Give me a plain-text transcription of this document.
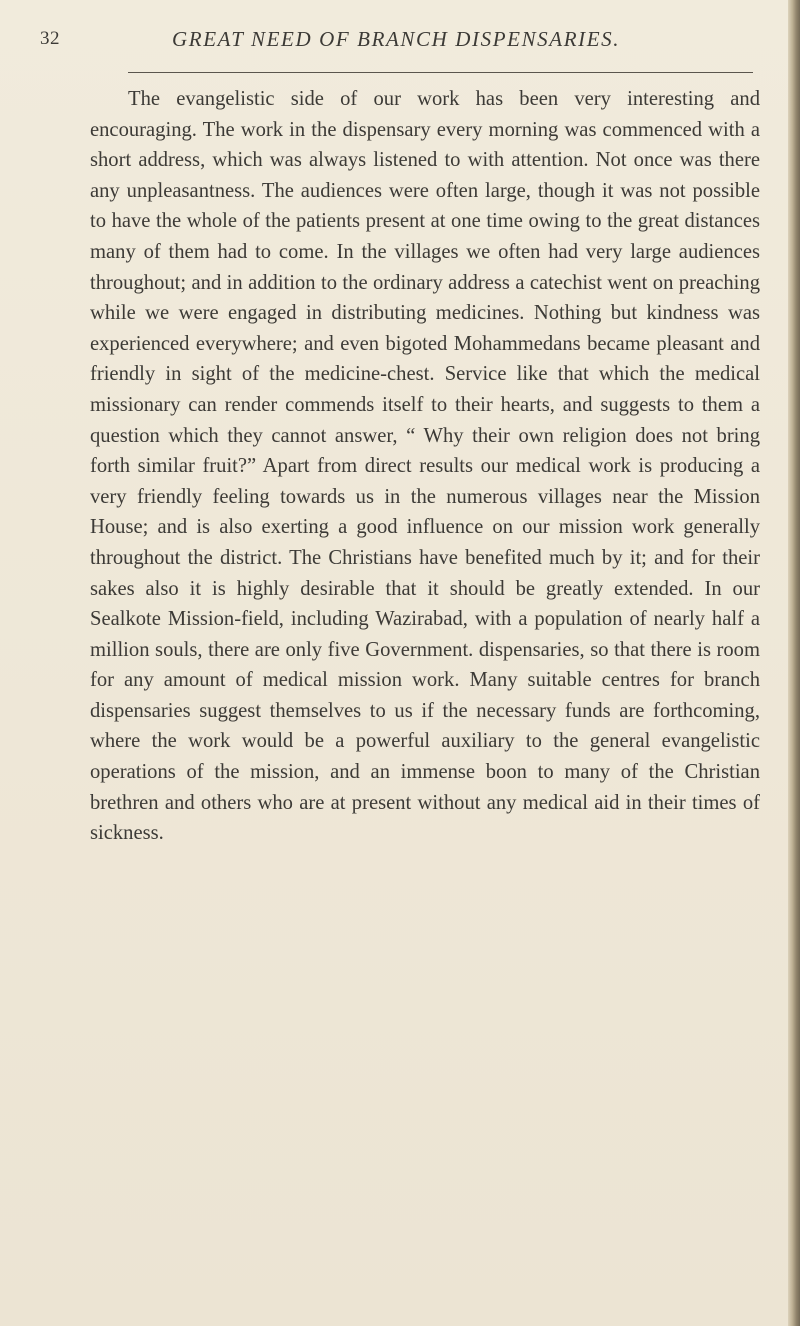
32	GREAT NEED OF BRANCH DISPENSARIES.

The evangelistic side of our work has been very interesting and encouraging. The work in the dispensary every morning was commenced with a short address, which was always listened to with attention. Not once was there any unpleasantness. The audiences were often large, though it was not possible to have the whole of the patients present at one time owing to the great distances many of them had to come. In the villages we often had very large audiences throughout; and in addition to the ordinary address a catechist went on preaching while we were engaged in distributing medicines. Nothing but kindness was experienced everywhere; and even bigoted Mohammedans became pleasant and friendly in sight of the medicine-chest. Service like that which the medical missionary can render commends itself to their hearts, and suggests to them a question which they cannot answer, “ Why their own religion does not bring forth similar fruit?” Apart from direct results our medical work is producing a very friendly feeling towards us in the numerous villages near the Mission House; and is also exerting a good influence on our mission work generally throughout the district. The Christians have benefited much by it; and for their sakes also it is highly desirable that it should be greatly extended. In our Sealkote Mission-field, including Wazirabad, with a population of nearly half a million souls, there are only five Government. dispensaries, so that there is room for any amount of medical mission work. Many suitable centres for branch dispensaries suggest themselves to us if the necessary funds are forthcoming, where the work would be a powerful auxiliary to the general evangelistic operations of the mission, and an immense boon to many of the Christian brethren and others who are at present without any medical aid in their times of sickness.
